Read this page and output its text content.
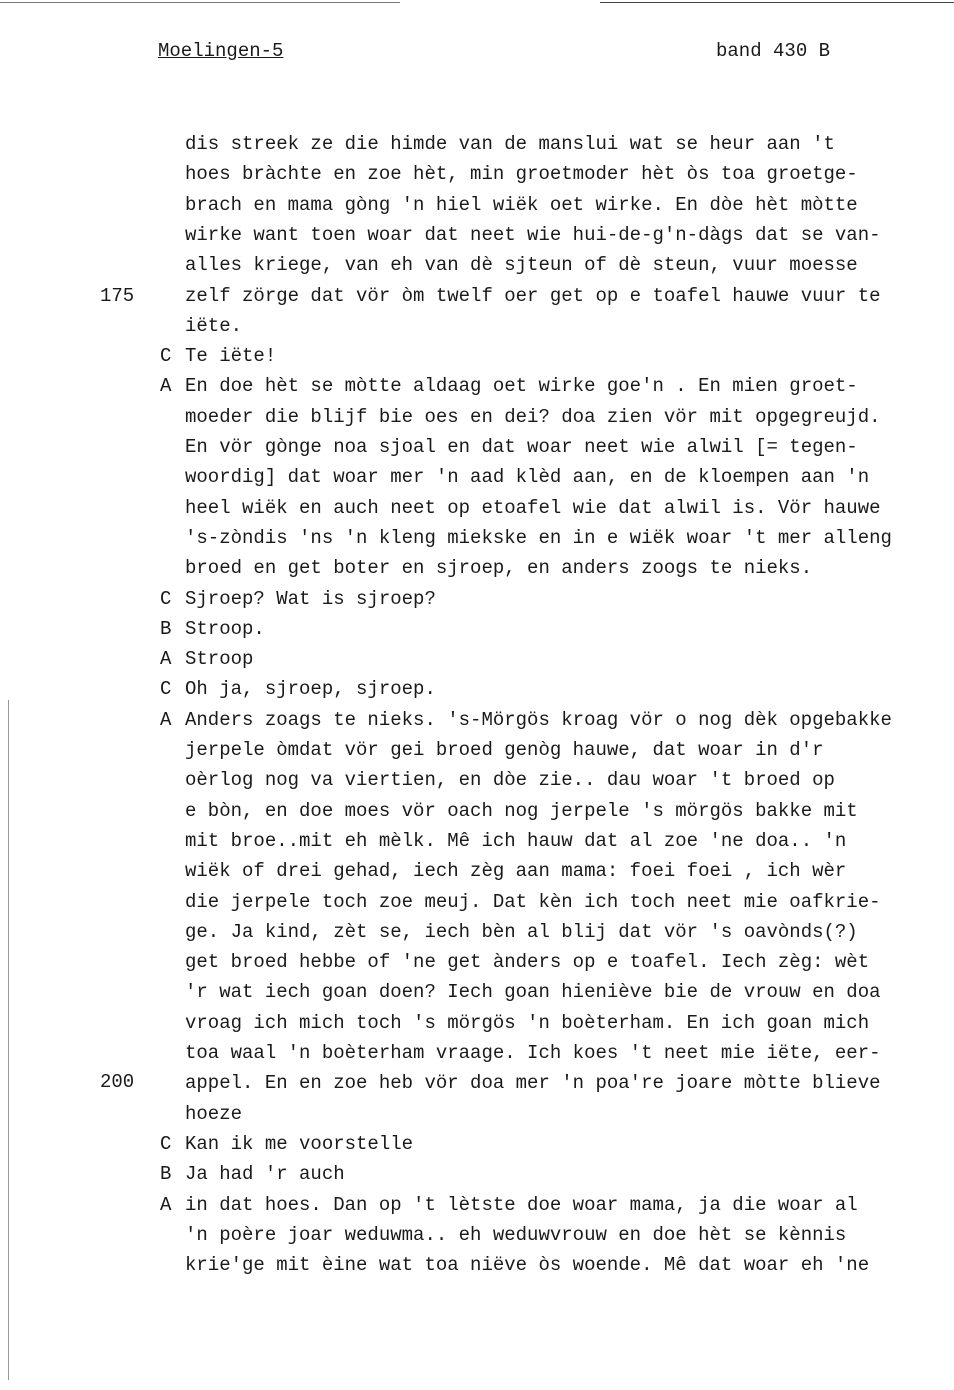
Moelingen-5	band 430 B
dis streek ze die himde van de manslui wat se heur aan 't
hoes bràchte en zoe hèt, min groetmoder hèt òs toa groetge-
brach en mama gòng 'n hiel wiëk oet wirke. En dòe hèt mòtte
wirke want toen woar dat neet wie hui-de-g'n-dàgs dat se van-
alles kriege, van eh van dè sjteun of dè steun, vuur moesse
zelf zörge dat vör òm twelf oer get op e toafel hauwe vuur te
iëte.
C Te iëte!
A En doe hèt se mòtte aldaag oet wirke goe'n . En mien groet-
moeder die blijf bie oes en dei? doa zien vör mit opgegreujd.
En vör gònge noa sjoal en dat woar neet wie alwil [= tegen-
woordig] dat woar mer 'n aad klèd aan, en de kloempen aan 'n
heel wiëk en auch neet op etoafel wie dat alwil is. Vör hauwe
's-zòndis 'ns 'n kleng miekske en in e wiëk woar 't mer alleng
broed en get boter en sjroep, en anders zoogs te nieks.
C Sjroep? Wat is sjroep?
B Stroop.
A Stroop
C Oh ja, sjroep, sjroep.
A Anders zoags te nieks. 's-Mörgös kroag vör o nog dèk opgebakke
jerpele òmdat vör gei broed genòg hauwe, dat woar in d'r
oèrlog nog va viertien, en dòe zie.. dau woar 't broed op
e bòn, en doe moes vör oach nog jerpele 's mörgös bakke mit
mit broe..mit eh mèlk. Mê ich hauw dat al zoe 'ne doa.. 'n
wiëk of drei gehad, iech zèg aan mama: foei foei , ich wèr
die jerpele toch zoe meuj. Dat kèn ich toch neet mie oafkrie-
ge. Ja kind, zèt se, iech bèn al blij dat vör 's oavònds(?)
get broed hebbe of 'ne get ànders op e toafel. Iech zèg: wèt
'r wat iech goan doen? Iech goan hieniève bie de vrouw en doa
vroag ich mich toch 's mörgös 'n boèterham. En ich goan mich
toa waal 'n boèterham vraage. Ich koes 't neet mie iëte, eer-
appel. En en zoe heb vör doa mer 'n poa're joare mòtte blieve
hoeze
C Kan ik me voorstelle
B Ja had 'r auch
A in dat hoes. Dan op 't lètste doe woar mama, ja die woar al
'n poère joar weduwma.. eh weduwvrouw en doe hèt se kènnis
krie'ge mit èine wat toa niëve òs woende. Mê dat woar eh 'ne
175
200
